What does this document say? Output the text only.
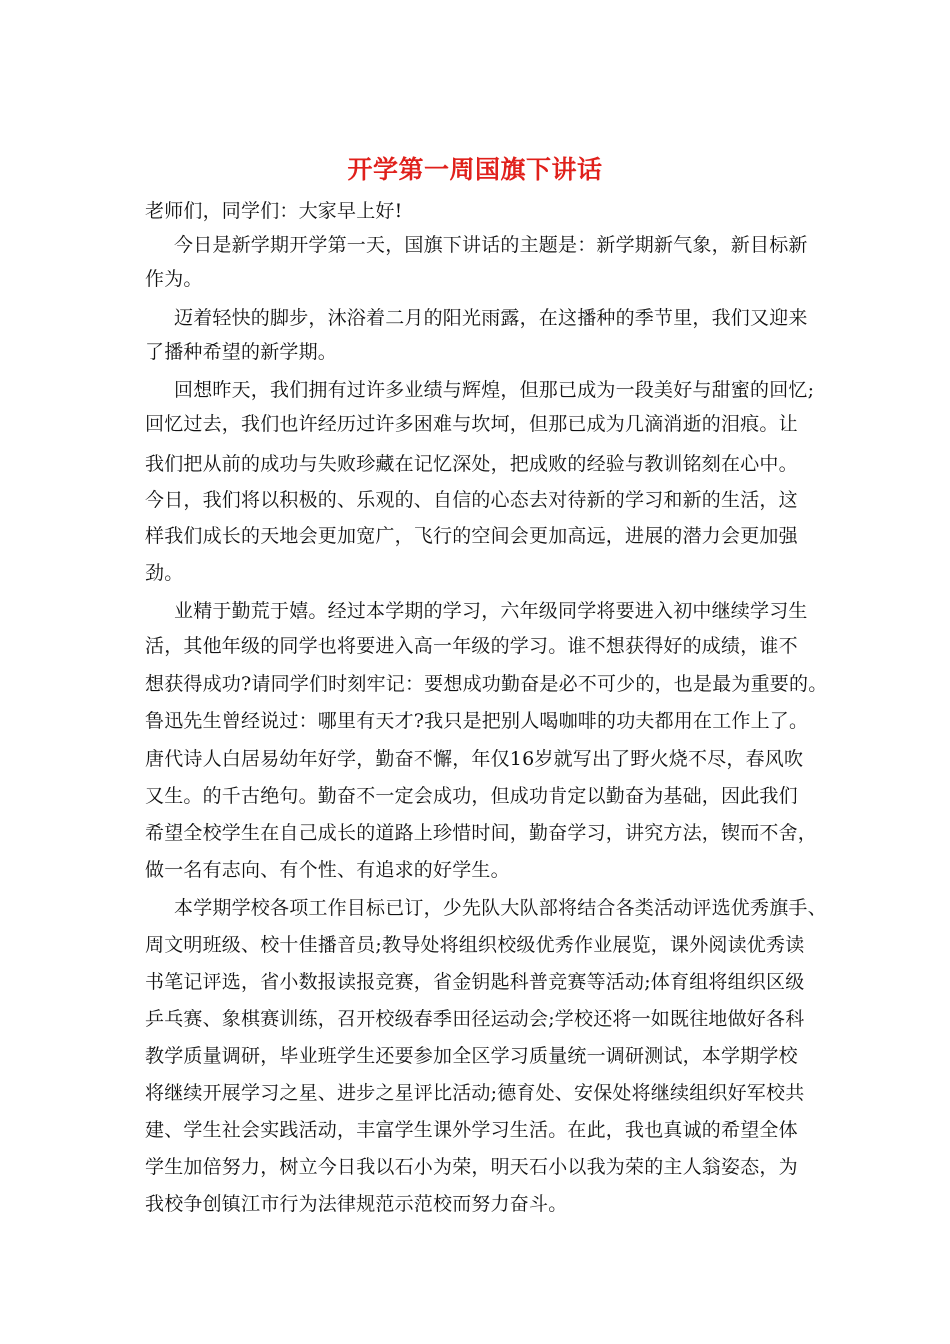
开学第一周国旗下讲话
老师们，同学们：大家早上好!
今日是新学期开学第一天，国旗下讲话的主题是：新学期新气象，新目标新
作为。
迈着轻快的脚步，沐浴着二月的阳光雨露，在这播种的季节里，我们又迎来
了播种希望的新学期。
回想昨天，我们拥有过许多业绩与辉煌，但那已成为一段美好与甜蜜的回忆;
回忆过去，我们也许经历过许多困难与坎坷，但那已成为几滴消逝的泪痕。让
我们把从前的成功与失败珍藏在记忆深处，把成败的经验与教训铭刻在心中。
今日，我们将以积极的、乐观的、自信的心态去对待新的学习和新的生活，这
样我们成长的天地会更加宽广，飞行的空间会更加高远，进展的潜力会更加强
劲。
业精于勤荒于嬉。经过本学期的学习，六年级同学将要进入初中继续学习生
活，其他年级的同学也将要进入高一年级的学习。谁不想获得好的成绩，谁不
想获得成功?请同学们时刻牢记：要想成功勤奋是必不可少的，也是最为重要的。
鲁迅先生曾经说过：哪里有天才?我只是把别人喝咖啡的功夫都用在工作上了。
唐代诗人白居易幼年好学，勤奋不懈，年仅16岁就写出了野火烧不尽，春风吹
又生。的千古绝句。勤奋不一定会成功，但成功肯定以勤奋为基础，因此我们
希望全校学生在自己成长的道路上珍惜时间，勤奋学习，讲究方法，锲而不舍，
做一名有志向、有个性、有追求的好学生。
本学期学校各项工作目标已订，少先队大队部将结合各类活动评选优秀旗手、
周文明班级、校十佳播音员;教导处将组织校级优秀作业展览，课外阅读优秀读
书笔记评选，省小数报读报竞赛，省金钥匙科普竞赛等活动;体育组将组织区级
乒乓赛、象棋赛训练，召开校级春季田径运动会;学校还将一如既往地做好各科
教学质量调研，毕业班学生还要参加全区学习质量统一调研测试，本学期学校
将继续开展学习之星、进步之星评比活动;德育处、安保处将继续组织好军校共
建、学生社会实践活动，丰富学生课外学习生活。在此，我也真诚的希望全体
学生加倍努力，树立今日我以石小为荣，明天石小以我为荣的主人翁姿态，为
我校争创镇江市行为法律规范示范校而努力奋斗。
